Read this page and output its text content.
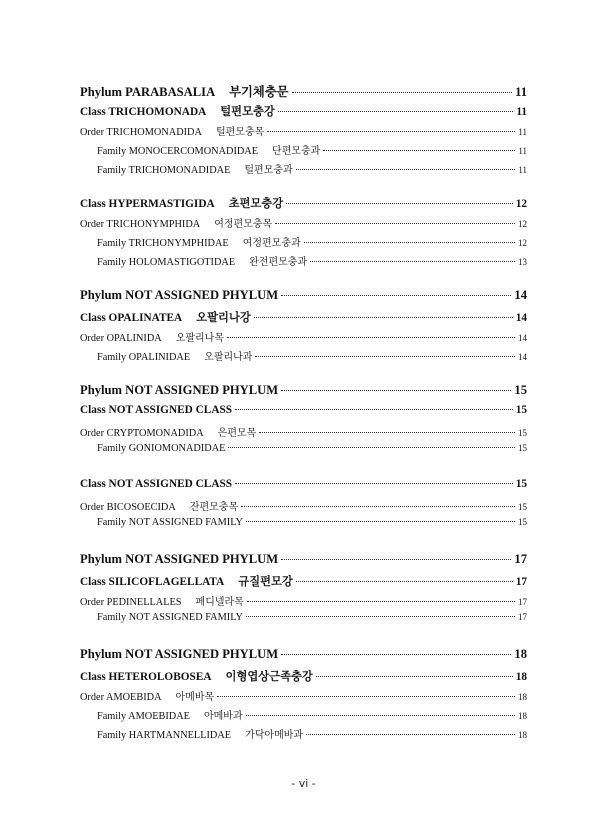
Phylum PARABASALIA 부기체충문	11
Class TRICHOMONADA 털편모충강	11
Order TRICHOMONADIDA 털편모충목	11
Family MONOCERCOMONADIDAE 단편모충과	11
Family TRICHOMONADIDAE 털편모충과	11
Class HYPERMASTIGIDA 초편모충강	12
Order TRICHONYMPHIDA 여정편모충목	12
Family TRICHONYMPHIDAE 여정편모충과	12
Family HOLOMASTIGOTIDAE 완전편모충과	13
Phylum NOT ASSIGNED PHYLUM	14
Class OPALINATEA 오팔리나강	14
Order OPALINIDA 오팔리나목	14
Family OPALINIDAE 오팔리나과	14
Phylum NOT ASSIGNED PHYLUM	15
Class NOT ASSIGNED CLASS	15
Order CRYPTOMONADIDA 은편모목	15
Family GONIOMONADIDAE	15
Class NOT ASSIGNED CLASS	15
Order BICOSOECIDA 잔편모충목	15
Family NOT ASSIGNED FAMILY	15
Phylum NOT ASSIGNED PHYLUM	17
Class SILICOFLAGELLATA 규질편모강	17
Order PEDINELLALES 페디넬라목	17
Family NOT ASSIGNED FAMILY	17
Phylum NOT ASSIGNED PHYLUM	18
Class HETEROLOBOSEA 이형엽상근족충강	18
Order AMOEBIDA 아메바목	18
Family AMOEBIDAE 아메바과	18
Family HARTMANNELLIDAE 가닥아메바과	18
- vi -
